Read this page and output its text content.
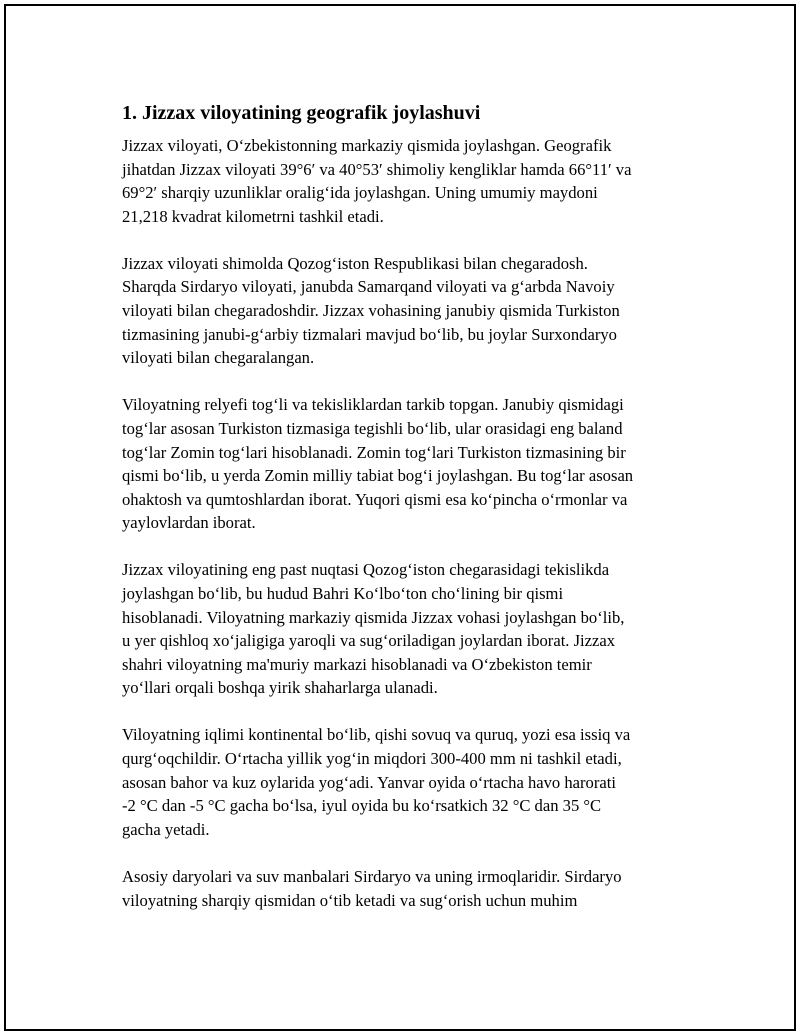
1. Jizzax viloyatining geografik joylashuvi
Jizzax viloyati, O‘zbekistonning markaziy qismida joylashgan. Geografik
jihatdan Jizzax viloyati 39°6′ va 40°53′ shimoliy kengliklar hamda 66°11′ va
69°2′ sharqiy uzunliklar oralig‘ida joylashgan. Uning umumiy maydoni
21,218 kvadrat kilometrni tashkil etadi.
Jizzax viloyati shimolda Qozog‘iston Respublikasi bilan chegaradosh.
Sharqda Sirdaryo viloyati, janubda Samarqand viloyati va g‘arbda Navoiy
viloyati bilan chegaradoshdir. Jizzax vohasining janubiy qismida Turkiston
tizmasining janubi-g‘arbiy tizmalari mavjud bo‘lib, bu joylar Surxondaryo
viloyati bilan chegaralangan.
Viloyatning relyefi tog‘li va tekisliklardan tarkib topgan. Janubiy qismidagi
tog‘lar asosan Turkiston tizmasiga tegishli bo‘lib, ular orasidagi eng baland
tog‘lar Zomin tog‘lari hisoblanadi. Zomin tog‘lari Turkiston tizmasining bir
qismi bo‘lib, u yerda Zomin milliy tabiat bog‘i joylashgan. Bu tog‘lar asosan
ohaktosh va qumtoshlardan iborat. Yuqori qismi esa ko‘pincha o‘rmonlar va
yaylovlardan iborat.
Jizzax viloyatining eng past nuqtasi Qozog‘iston chegarasidagi tekislikda
joylashgan bo‘lib, bu hudud Bahri Ko‘lbo‘ton cho‘lining bir qismi
hisoblanadi. Viloyatning markaziy qismida Jizzax vohasi joylashgan bo‘lib,
u yer qishloq xo‘jaligiga yaroqli va sug‘oriladigan joylardan iborat. Jizzax
shahri viloyatning ma'muriy markazi hisoblanadi va O‘zbekiston temir
yo‘llari orqali boshqa yirik shaharlarga ulanadi.
Viloyatning iqlimi kontinental bo‘lib, qishi sovuq va quruq, yozi esa issiq va
qurg‘oqchildir. O‘rtacha yillik yog‘in miqdori 300-400 mm ni tashkil etadi,
asosan bahor va kuz oylarida yog‘adi. Yanvar oyida o‘rtacha havo harorati
-2 °C dan -5 °C gacha bo‘lsa, iyul oyida bu ko‘rsatkich 32 °C dan 35 °C
gacha yetadi.
Asosiy daryolari va suv manbalari Sirdaryo va uning irmoqlaridir. Sirdaryo
viloyatning sharqiy qismidan o‘tib ketadi va sug‘orish uchun muhim
